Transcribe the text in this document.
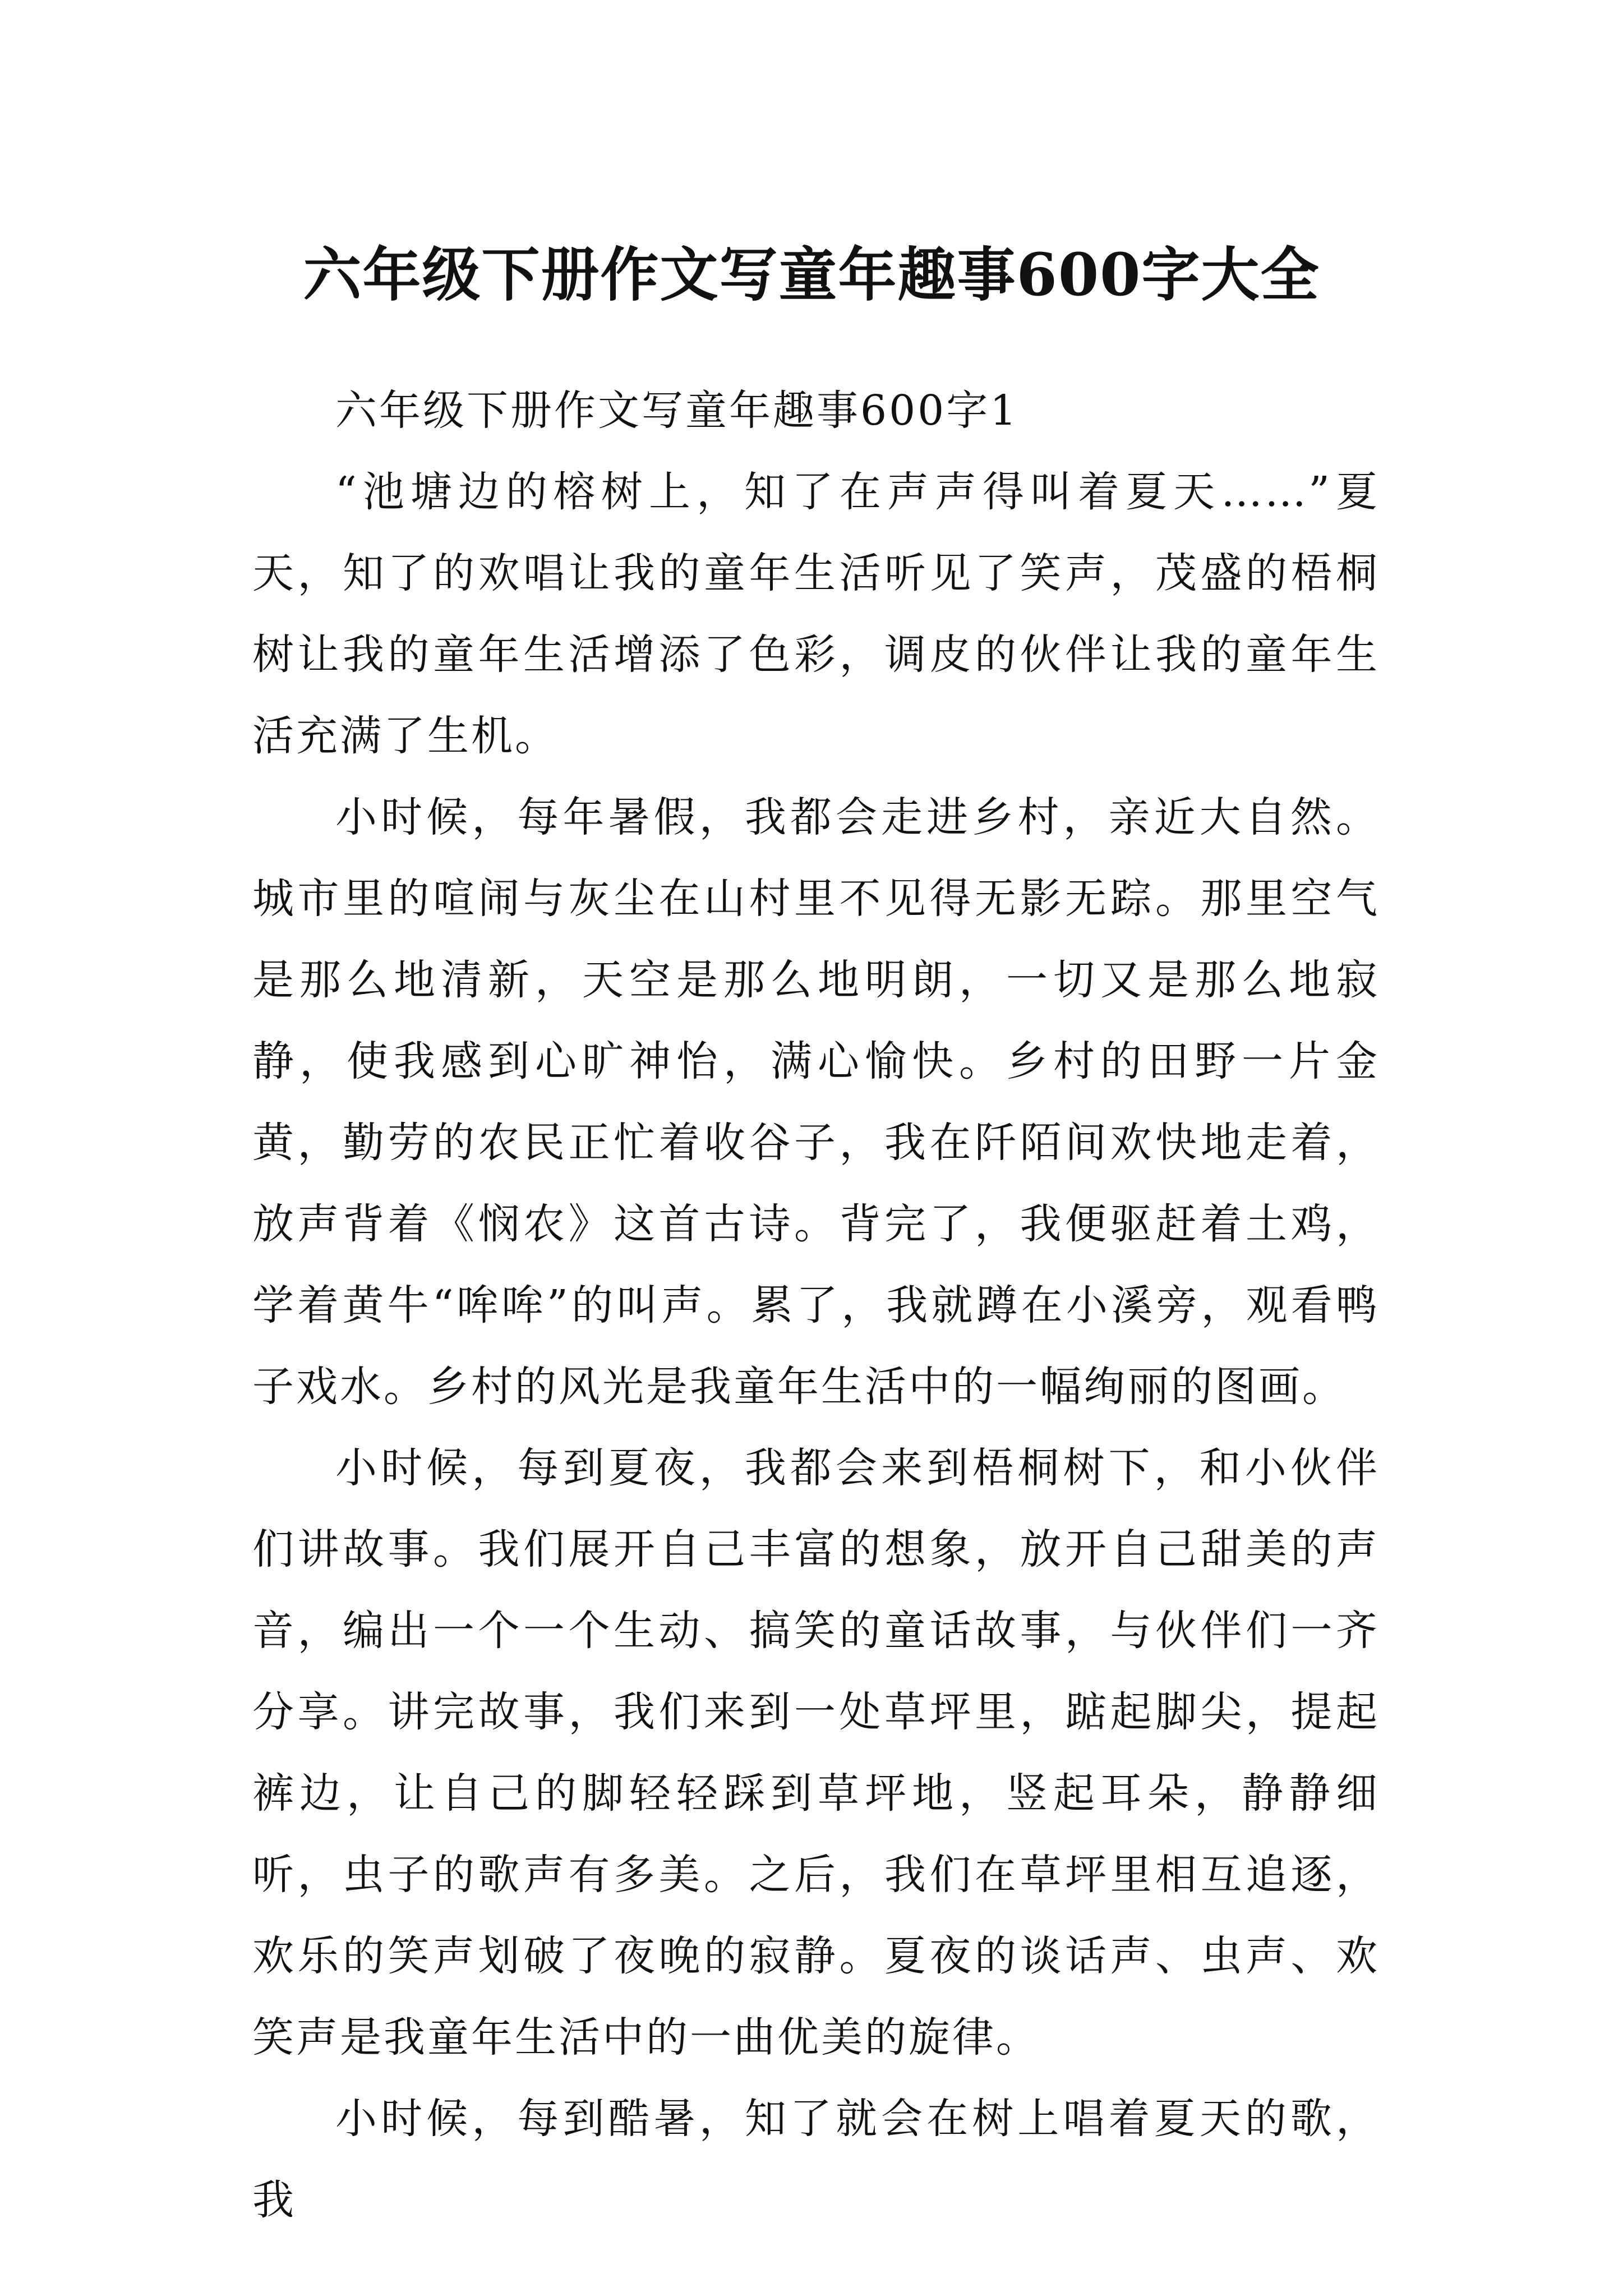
六年级下册作文写童年趣事600字大全

六年级下册作文写童年趣事600字1

“池塘边的榕树上，知了在声声得叫着夏天……”夏天，知了的欢唱让我的童年生活听见了笑声，茂盛的梧桐树让我的童年生活增添了色彩，调皮的伙伴让我的童年生活充满了生机。

小时候，每年暑假，我都会走进乡村，亲近大自然。城市里的喧闹与灰尘在山村里不见得无影无踪。那里空气是那么地清新，天空是那么地明朗，一切又是那么地寂静，使我感到心旷神怡，满心愉快。乡村的田野一片金黄，勤劳的农民正忙着收谷子，我在阡陌间欢快地走着，放声背着《悯农》这首古诗。背完了，我便驱赶着土鸡，学着黄牛“哞哞”的叫声。累了，我就蹲在小溪旁，观看鸭子戏水。乡村的风光是我童年生活中的一幅绚丽的图画。

小时候，每到夏夜，我都会来到梧桐树下，和小伙伴们讲故事。我们展开自己丰富的想象，放开自己甜美的声音，编出一个一个生动、搞笑的童话故事，与伙伴们一齐分享。讲完故事，我们来到一处草坪里，踮起脚尖，提起裤边，让自己的脚轻轻踩到草坪地，竖起耳朵，静静细听，虫子的歌声有多美。之后，我们在草坪里相互追逐，欢乐的笑声划破了夜晚的寂静。夏夜的谈话声、虫声、欢笑声是我童年生活中的一曲优美的旋律。

小时候，每到酷暑，知了就会在树上唱着夏天的歌，我
